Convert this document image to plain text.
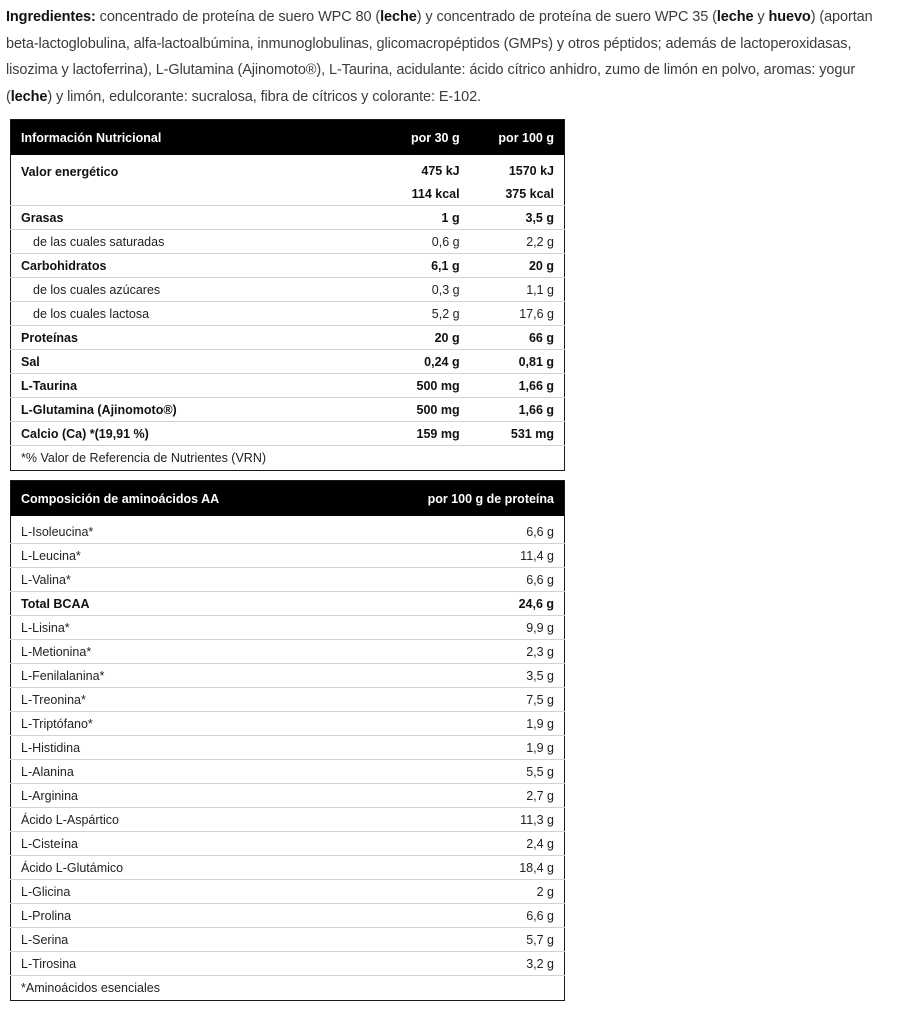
Ingredientes: concentrado de proteína de suero WPC 80 (leche) y concentrado de proteína de suero WPC 35 (leche y huevo) (aportan beta-lactoglobulina, alfa-lactoalbúmina, inmunoglobulinas, glicomacropéptidos (GMPs) y otros péptidos; además de lactoperoxidasas, lisozima y lactoferrina), L-Glutamina (Ajinomoto®), L-Taurina, acidulante: ácido cítrico anhidro, zumo de limón en polvo, aromas: yogur (leche) y limón, edulcorante: sucralosa, fibra de cítricos y colorante: E-102.
Información Nutricional	por 30 g	por 100 g

Valor energético	475 kJ	1570 kJ
	114 kcal	375 kcal
Grasas	1 g	3,5 g
de las cuales saturadas	0,6 g	2,2 g
Carbohidratos	6,1 g	20 g
de los cuales azúcares	0,3 g	1,1 g
de los cuales lactosa	5,2 g	17,6 g
Proteínas	20 g	66 g
Sal	0,24 g	0,81 g
L-Taurina	500 mg	1,66 g
L-Glutamina (Ajinomoto®)	500 mg	1,66 g
Calcio (Ca) *(19,91 %)	159 mg	531 mg
*% Valor de Referencia de Nutrientes (VRN)		
Composición de aminoácidos AA	por 100 g de proteína

L-Isoleucina*	6,6 g
L-Leucina*	11,4 g
L-Valina*	6,6 g
Total BCAA	24,6 g
L-Lisina*	9,9 g
L-Metionina*	2,3 g
L-Fenilalanina*	3,5 g
L-Treonina*	7,5 g
L-Triptófano*	1,9 g
L-Histidina	1,9 g
L-Alanina	5,5 g
L-Arginina	2,7 g
Ácido L-Aspártico	11,3 g
L-Cisteína	2,4 g
Ácido L-Glutámico	18,4 g
L-Glicina	2 g
L-Prolina	6,6 g
L-Serina	5,7 g
L-Tirosina	3,2 g
*Aminoácidos esenciales	
